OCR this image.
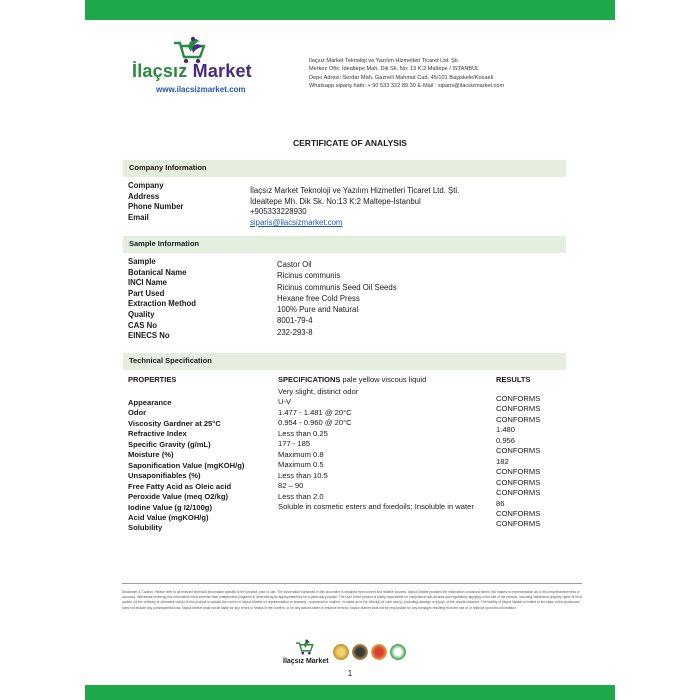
İlaçsız Market
www.ilacsizmarket.com
İlaçsız Market Teknoloji ve Yazılım Hizmetleri Ticaret Ltd. Şti.
Merkez Ofis: İdealtepe Mah. Dik Sk. No: 13 K:2 Maltepe / İSTANBUL
Depo Adresi: Serdar Mah. Gazneli Mahmut Cad. 45/101 Başiskele/Kocaeli
Whatsapp sipariş hattı: + 90 533 322 89 30 E-Mail : siparis@ilacsizmarket.com
CERTIFICATE OF ANALYSIS
Company Information
Company
Address
Phone Number
Email
İlaçsız Market Teknoloji ve Yazılım Hizmetleri Ticaret Ltd. Şti.
İdealtepe Mh. Dik Sk. No:13 K:2 Maltepe-İstanbul
+905333228930
siparis@ilacsizmarket.com
Sample Information
Sample
Botanical Name
INCI Name
Part Used
Extraction Method
Quality
CAS No
EINECS No
Castor Oil
Ricinus communis
Ricinus communis Seed Oil Seeds
Hexane free Cold Press
100% Pure and Natural
8001-79-4
232-293-8
Technical Specification
PROPERTIES	SPECIFICATIONS pale yellow viscous liquid	RESULTS
Appearance
Odor
Viscosity Gardner at 25°C
Refractive Index
Specific Gravity (g/mL)
Moisture (%)
Saponification Value (mgKOH/g)
Unsaponifiables (%)
Free Fatty Acid as Oleic acid
Peroxide Value (meq O2/kg)
Iodine Value (g I2/100g)
Acid Value (mgKOH/g)
Solubility
Very slight, distinct odor
U-V
1.477 - 1.481 @ 20°C
0.954 - 0.960 @ 20°C
Less than 0.25
177 - 185
Maximum 0.8
Maximum 0.5
Less than 10.5
82 – 90
Less than 2.0
Soluble in cosmetic esters and fixedoils; Insoluble in water
CONFORMS
CONFORMS
CONFORMS
1.480
0.956
CONFORMS
182
CONFORMS
CONFORMS
CONFORMS
86
CONFORMS
CONFORMS
Disclaimer & Caution: Please refer to all relevant technical information specific to the product, prior to use. The information contained in this document is obtained from current and reliable sources. İlaçsız Market provides the information contained herein, but makes no representation as to its comprehensiveness or accuracy. Individuals receiving this information must exercise their independent judgment in determining its appropriateness for a particular purpose. The user of the product is solely responsible for compliance with all laws and regulations applying to the use of the product, including intellectual property rights of third parties. As the ordinary or otherwise use(s) of this product is outside the control of İlaçsız Market no representation or warranty - expressed or implied - is made as to the effect(s) of such use(s), (including damage or injury), or the results obtained. The liability of İlaçsız Market is limited to the value of the goods and does not include any consequential loss. İlaçsız Market shall not be liable for any errors or delays in the content, or for any actions taken in reliance thereon. İlaçsız Market shall not be responsible for any damages resulting from the use of or reliance upon this information.
İlaçsız Market
1
